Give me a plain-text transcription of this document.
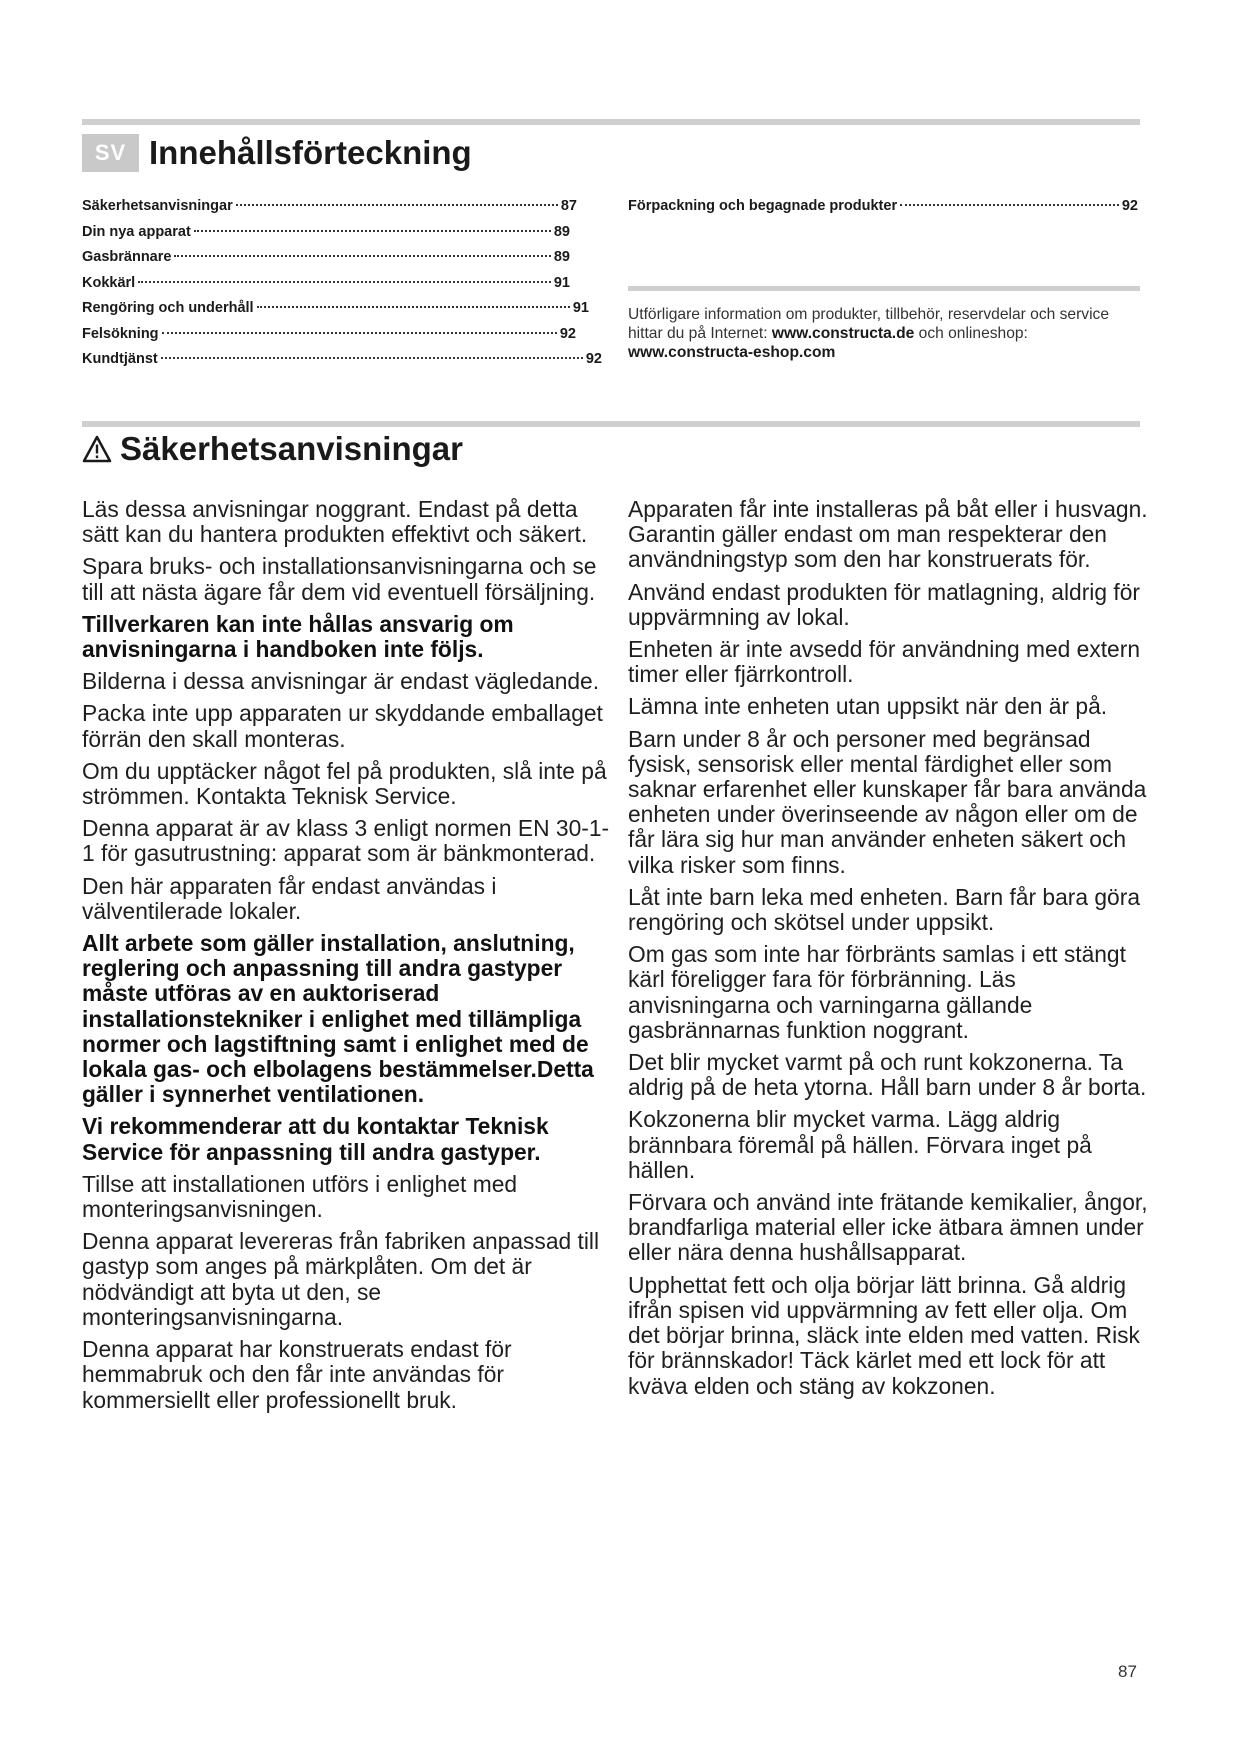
SV Innehållsförteckning
Säkerhetsanvisningar	87
Din nya apparat	89
Gasbrännare	89
Kokkärl	91
Rengöring och underhåll	91
Felsökning	92
Kundtjänst	92
Förpackning och begagnade produkter	92
Utförligare information om produkter, tillbehör, reservdelar och service hittar du på Internet: www.constructa.de och onlineshop: www.constructa-eshop.com
Säkerhetsanvisningar

Läs dessa anvisningar noggrant. Endast på detta sätt kan du hantera produkten effektivt och säkert.

Spara bruks- och installationsanvisningarna och se till att nästa ägare får dem vid eventuell försäljning.

Tillverkaren kan inte hållas ansvarig om anvisningarna i handboken inte följs.

Bilderna i dessa anvisningar är endast vägledande.

Packa inte upp apparaten ur skyddande emballaget förrän den skall monteras.

Om du upptäcker något fel på produkten, slå inte på strömmen. Kontakta Teknisk Service.

Denna apparat är av klass 3 enligt normen EN 30-1-1 för gasutrustning: apparat som är bänkmonterad.

Den här apparaten får endast användas i välventilerade lokaler.

Allt arbete som gäller installation, anslutning, reglering och anpassning till andra gastyper måste utföras av en auktoriserad installationstekniker i enlighet med tillämpliga normer och lagstiftning samt i enlighet med de lokala gas- och elbolagens bestämmelser.Detta gäller i synnerhet ventilationen.

Vi rekommenderar att du kontaktar Teknisk Service för anpassning till andra gastyper.

Tillse att installationen utförs i enlighet med monteringsanvisningen.

Denna apparat levereras från fabriken anpassad till gastyp som anges på märkplåten. Om det är nödvändigt att byta ut den, se monteringsanvisningarna.

Denna apparat har konstruerats endast för hemmabruk och den får inte användas för kommersiellt eller professionellt bruk.

Apparaten får inte installeras på båt eller i husvagn. Garantin gäller endast om man respekterar den användningstyp som den har konstruerats för.

Använd endast produkten för matlagning, aldrig för uppvärmning av lokal.

Enheten är inte avsedd för användning med extern timer eller fjärrkontroll.

Lämna inte enheten utan uppsikt när den är på.

Barn under 8 år och personer med begränsad fysisk, sensorisk eller mental färdighet eller som saknar erfarenhet eller kunskaper får bara använda enheten under överinseende av någon eller om de får lära sig hur man använder enheten säkert och vilka risker som finns.

Låt inte barn leka med enheten. Barn får bara göra rengöring och skötsel under uppsikt.

Om gas som inte har förbränts samlas i ett stängt kärl föreligger fara för förbränning. Läs anvisningarna och varningarna gällande gasbrännarnas funktion noggrant.

Det blir mycket varmt på och runt kokzonerna. Ta aldrig på de heta ytorna. Håll barn under 8 år borta.

Kokzonerna blir mycket varma. Lägg aldrig brännbara föremål på hällen. Förvara inget på hällen.

Förvara och använd inte frätande kemikalier, ångor, brandfarliga material eller icke ätbara ämnen under eller nära denna hushållsapparat.

Upphettat fett och olja börjar lätt brinna. Gå aldrig ifrån spisen vid uppvärmning av fett eller olja. Om det börjar brinna, släck inte elden med vatten. Risk för brännskador! Täck kärlet med ett lock för att kväva elden och stäng av kokzonen.

87
